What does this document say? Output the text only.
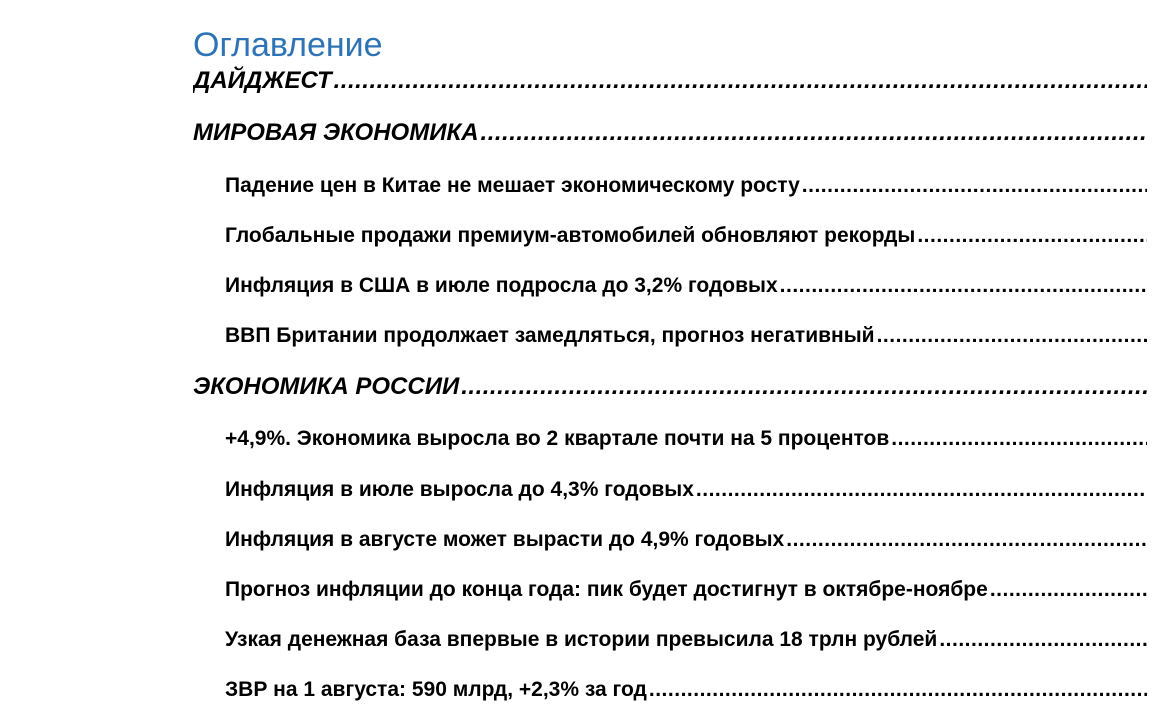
Оглавление
ДАЙДЖЕСТ
.....
МИРОВАЯ ЭКОНОМИКА
.....
Падение цен в Китае не мешает экономическому росту
.....
Глобальные продажи премиум-автомобилей обновляют рекорды
.....
Инфляция в США в июле подросла до 3,2% годовых
.....
ВВП Британии продолжает замедляться, прогноз негативный
.....
ЭКОНОМИКА РОССИИ
.....
+4,9%. Экономика выросла во 2 квартале почти на 5 процентов
.....
Инфляция в июле выросла до 4,3% годовых
.....
Инфляция в августе может вырасти до 4,9% годовых
.....
Прогноз инфляции до конца года: пик будет достигнут в октябре-ноябре
.....
Узкая денежная база впервые в истории превысила 18 трлн рублей
.....
ЗВР на 1 августа: 590 млрд, +2,3% за год
.....
